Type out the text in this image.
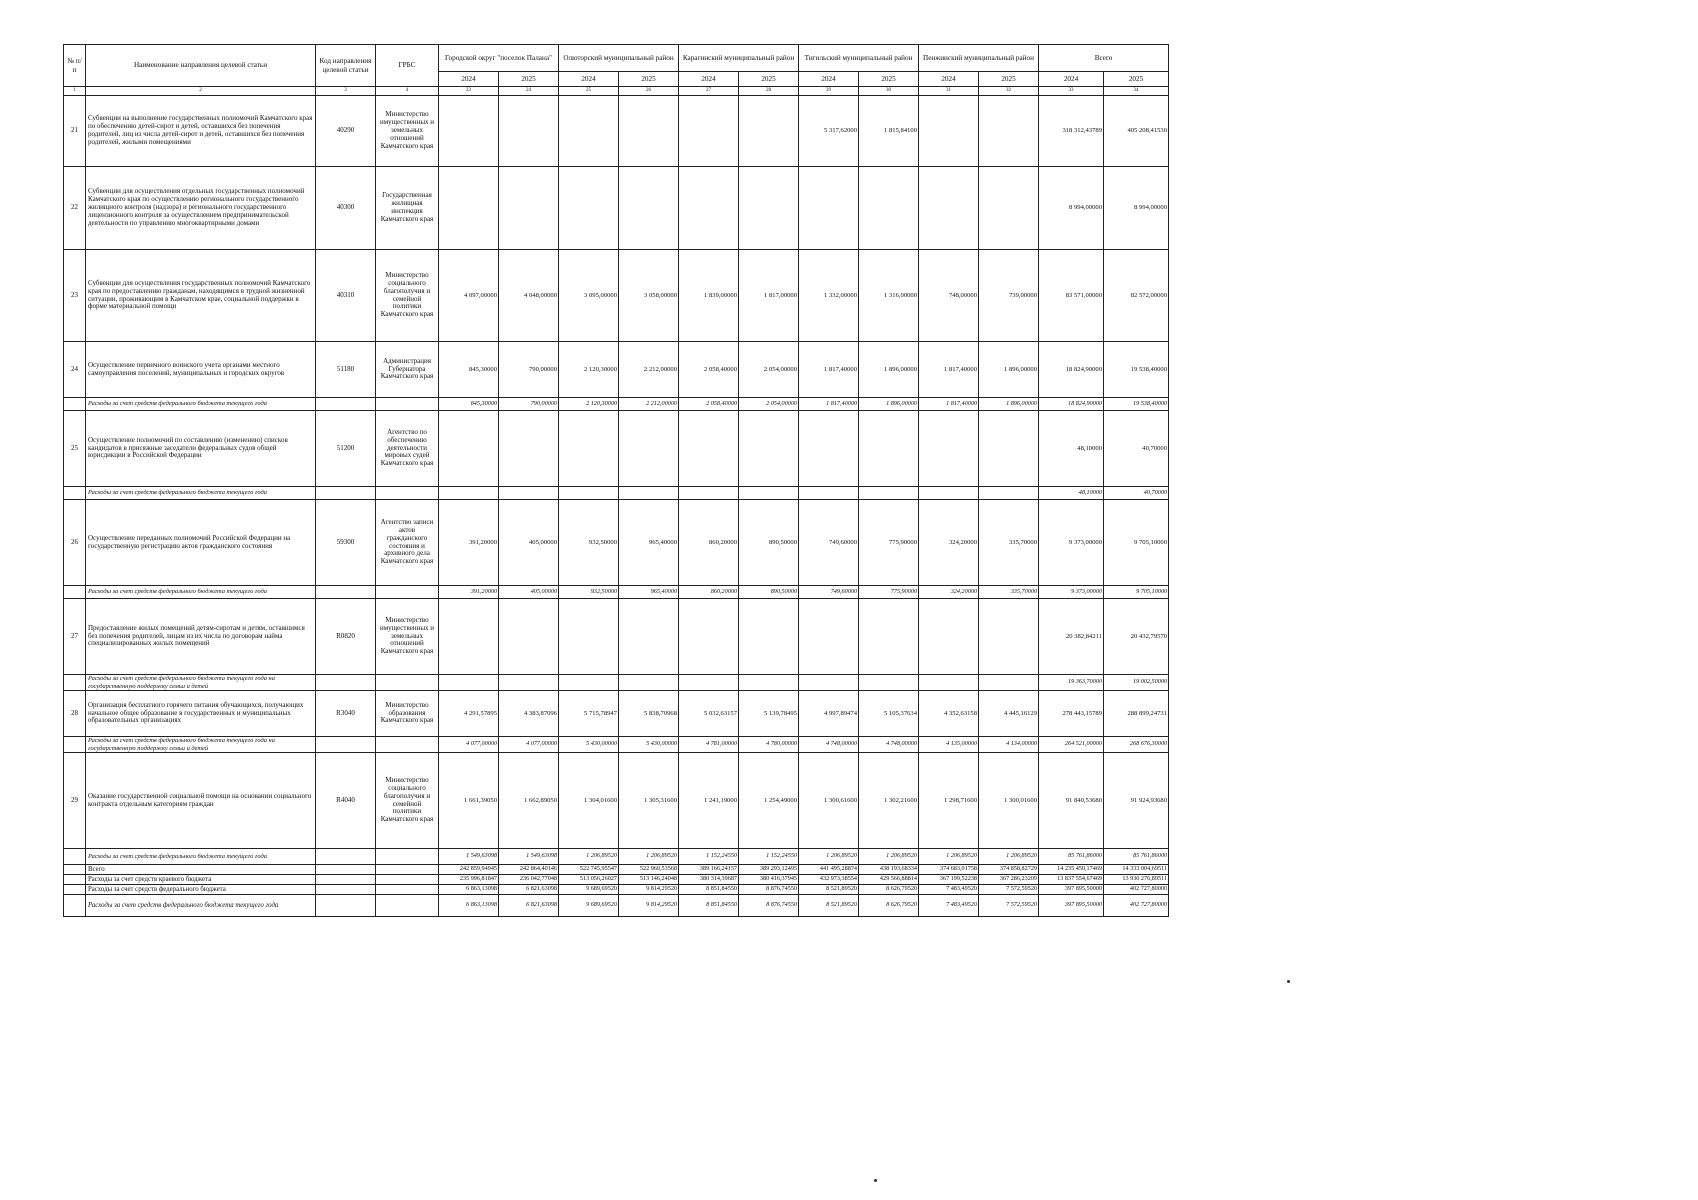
№ п/п	Наименование направления целевой статьи	Код направления целевой статьи	ГРБС	Городской округ "поселок Палана"		Олюторский муниципальный район		Карагинский муниципальный район		Тигильский муниципальный район		Пенжинский муниципальный район		Всего	
				2024	2025	2024	2025	2024	2025	2024	2025	2024	2025	2024	2025
1	2	3	4	23	24	25	26	27	28	29	30	31	32	33	34
21	Субвенции на выполнение государственных полномочий Камчатского края по обеспечению детей-сирот и детей, оставшихся без попечения родителей, лиц из числа детей-сирот и детей, оставшихся без попечения родителей, жилыми помещениями	40290	Министерство имущественных и земельных отношений Камчатского края							5 317,62000	1 815,84100			318 312,43789	405 208,41530
22	Субвенции для осуществления отдельных государственных полномочий Камчатского края по осуществлению регионального государственного жилищного контроля (надзора) и регионального государственного лицензионного контроля за осуществлением предпринимательской деятельности по управлению многоквартирными домами	40300	Государственная жилищная инспекция Камчатского края											8 994,00000	8 994,00000
23	Субвенции для осуществления государственных полномочий Камчатского края по предоставлению гражданам, находящимся в трудной жизненной ситуации, проживающим в Камчатском крае, социальной поддержки в форме материальной помощи	40310	Министерство социального благополучия и семейной политики Камчатского края	4 097,00000	4 048,00000	3 095,00000	3 058,00000	1 839,00000	1 817,00000	1 332,00000	1 316,00000	748,00000	739,00000	83 571,00000	82 572,00000
24	Осуществление первичного воинского учета органами местного самоуправления поселений, муниципальных и городских округов	51180	Администрация Губернатора Камчатского края	845,30000	790,00000	2 120,30000	2 212,00000	2 058,40000	2 054,00000	1 817,40000	1 896,00000	1 817,40000	1 896,00000	18 824,90000	19 538,40000
	Расходы за счет средств федерального бюджета текущего года			845,30000	790,00000	2 120,30000	2 212,00000	2 058,40000	2 054,00000	1 817,40000	1 896,00000	1 817,40000	1 896,00000	18 824,90000	19 538,40000
25	Осуществление полномочий по составлению (изменению) списков кандидатов в присяжные заседатели федеральных судов общей юрисдикции в Российской Федерации	51200	Агентство по обеспечению деятельности мировых судей Камчатского края											48,10000	40,70000
	Расходы за счет средств федерального бюджета текущего года													48,10000	40,70000
26	Осуществление переданных полномочий Российской Федерации на государственную регистрацию актов гражданского состояния	59300	Агентство записи актов гражданского состояния и архивного дела Камчатского края	391,20000	405,00000	932,50000	965,40000	860,20000	890,50000	749,60000	775,90000	324,20000	335,70000	9 373,00000	9 705,10000
	Расходы за счет средств федерального бюджета текущего года			391,20000	405,00000	932,50000	965,40000	860,20000	890,50000	749,60000	775,90000	324,20000	335,70000	9 373,00000	9 705,10000
27	Предоставление жилых помещений детям-сиротам и детям, оставшимся без попечения родителей, лицам из их числа по договорам найма специализированных жилых помещений	R0820	Министерство имущественных и земельных отношений Камчатского края											20 382,84211	20 432,79570
	Расходы за счет средств федерального бюджета текущего года на государственную поддержку семьи и детей													19 363,70000	19 002,50000
28	Организация бесплатного горячего питания обучающихся, получающих начальное общее образование в государственных и муниципальных образовательных организациях	R3040	Министерство образования Камчатского края	4 291,57895	4 383,87096	5 715,78947	5 838,70968	5 032,63157	5 139,78495	4 997,89474	5 105,37634	4 352,63158	4 445,16129	278 443,15789	288 899,24731
	Расходы за счет средств федерального бюджета текущего года на государственную поддержку семьи и детей			4 077,00000	4 077,00000	5 430,00000	5 430,00000	4 781,00000	4 780,00000	4 748,00000	4 748,00000	4 135,00000	4 134,00000	264 521,00000	268 676,30000
29	Оказание государственной социальной помощи на основании социального контракта отдельным категориям граждан	R4040	Министерство социального благополучия и семейной политики Камчатского края	1 661,39050	1 662,89050	1 304,01600	1 305,31600	1 241,19000	1 254,49000	1 300,61600	1 302,21600	1 298,71600	1 300,01600	91 840,53680	91 924,93680
	Расходы за счет средств федерального бюджета текущего года			1 549,63098	1 549,63098	1 206,89520	1 206,89520	1 152,24550	1 152,24550	1 206,89520	1 206,89520	1 206,89520	1 206,89520	85 761,86000	85 761,86000
	Всего			242 859,94945	242 864,40146	522 745,95547	522 960,53568	389 166,24157	389 293,12495	441 495,28874	438 193,68334	374 683,01758	374 858,82729	14 235 450,17469	14 333 004,69511
	Расходы за счет средств краевого бюджета			235 996,81847	236 042,77048	513 056,26027	513 146,24048	380 314,39687	380 416,37945	432 973,38554	429 566,88814	367 199,52238	367 286,23209	13 837 554,67469	13 930 276,89511
	Расходы за счет средств федерального бюджета			6 863,13098	6 821,63098	9 689,69520	9 814,29520	8 851,84550	8 876,74550	8 521,89520	8 626,79520	7 483,49520	7 572,59520	397 895,50000	402 727,80000
	Расходы за счет средств федерального бюджета текущего года			6 863,13098	6 821,63098	9 689,69520	9 814,29520	8 851,84550	8 876,74550	8 521,89520	8 626,79520	7 483,49520	7 572,59520	397 895,50000	402 727,80000
